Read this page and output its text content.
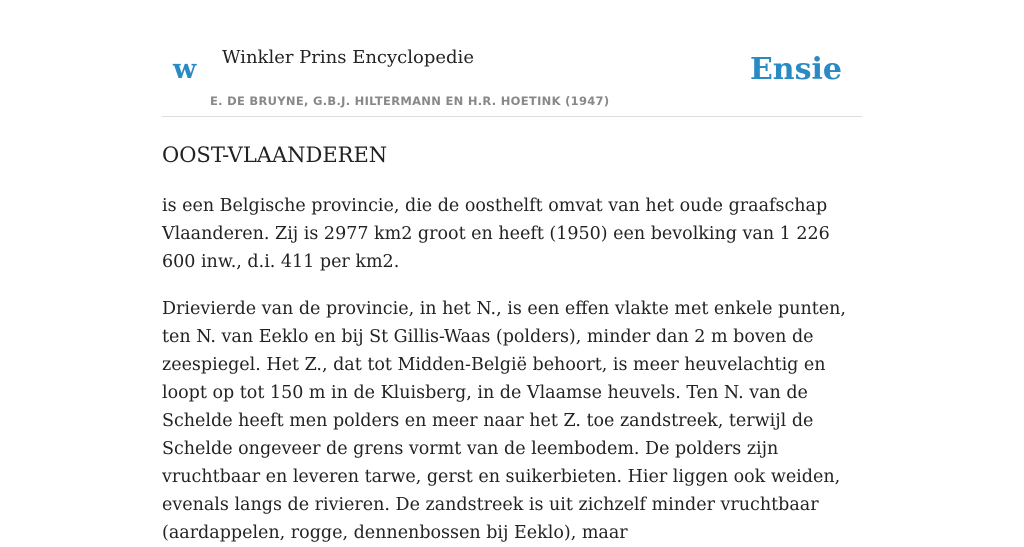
w Winkler Prins Encyclopedie
E. DE BRUYNE, G.B.J. HILTERMANN EN H.R. HOETINK (1947)
Ensie
OOST-VLAANDEREN

is een Belgische provincie, die de oosthelft omvat van het oude graafschap Vlaanderen. Zij is 2977 km2 groot en heeft (1950) een bevolking van 1 226 600 inw., d.i. 411 per km2.

Drievierde van de provincie, in het N., is een effen vlakte met enkele punten, ten N. van Eeklo en bij St Gillis-Waas (polders), minder dan 2 m boven de zeespiegel. Het Z., dat tot Midden-België behoort, is meer heuvelachtig en loopt op tot 150 m in de Kluisberg, in de Vlaamse heuvels. Ten N. van de Schelde heeft men polders en meer naar het Z. toe zandstreek, terwijl de Schelde ongeveer de grens vormt van de leembodem. De polders zijn vruchtbaar en leveren tarwe, gerst en suikerbieten. Hier liggen ook weiden, evenals langs de rivieren. De zandstreek is uit zichzelf minder vruchtbaar (aardappelen, rogge, dennenbossen bij Eeklo), maar
